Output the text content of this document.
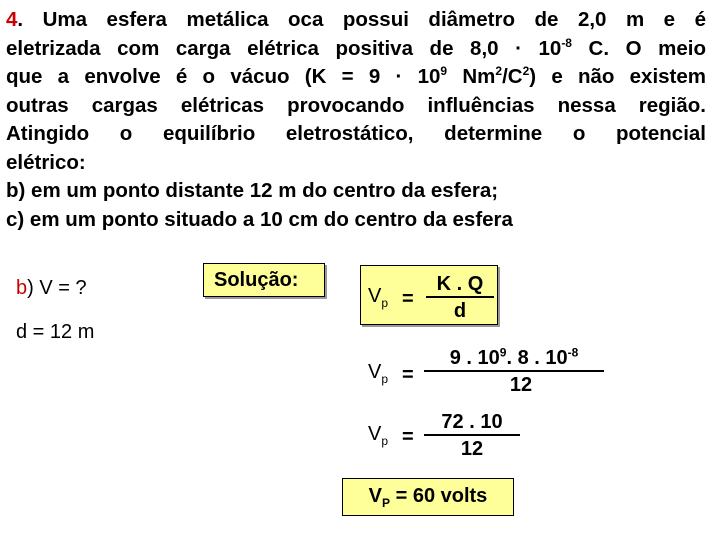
4. Uma esfera metálica oca possui diâmetro de 2,0 m e é

eletrizada com carga elétrica positiva de $8,0 \cdot 10^{-8}$ C. O meio

que a envolve é o vácuo ($K = 9 \cdot 10^9$ $Nm^2/C^2$) e não existem

outras cargas elétricas provocando influências nessa região.

Atingido o equilíbrio eletrostático, determine o potencial

elétrico:

b) em um ponto distante 12 m do centro da esfera;

c) em um ponto situado a 10 cm do centro da esfera

b) V = ?
d = 12 m
Solução:
$V_p = \frac{K . Q}{d}$
$V_p = \frac{9 . 10^9. 8 . 10^{-8}}{12}$
$V_p = \frac{72 . 10}{12}$
$V_P = 60$ volts
